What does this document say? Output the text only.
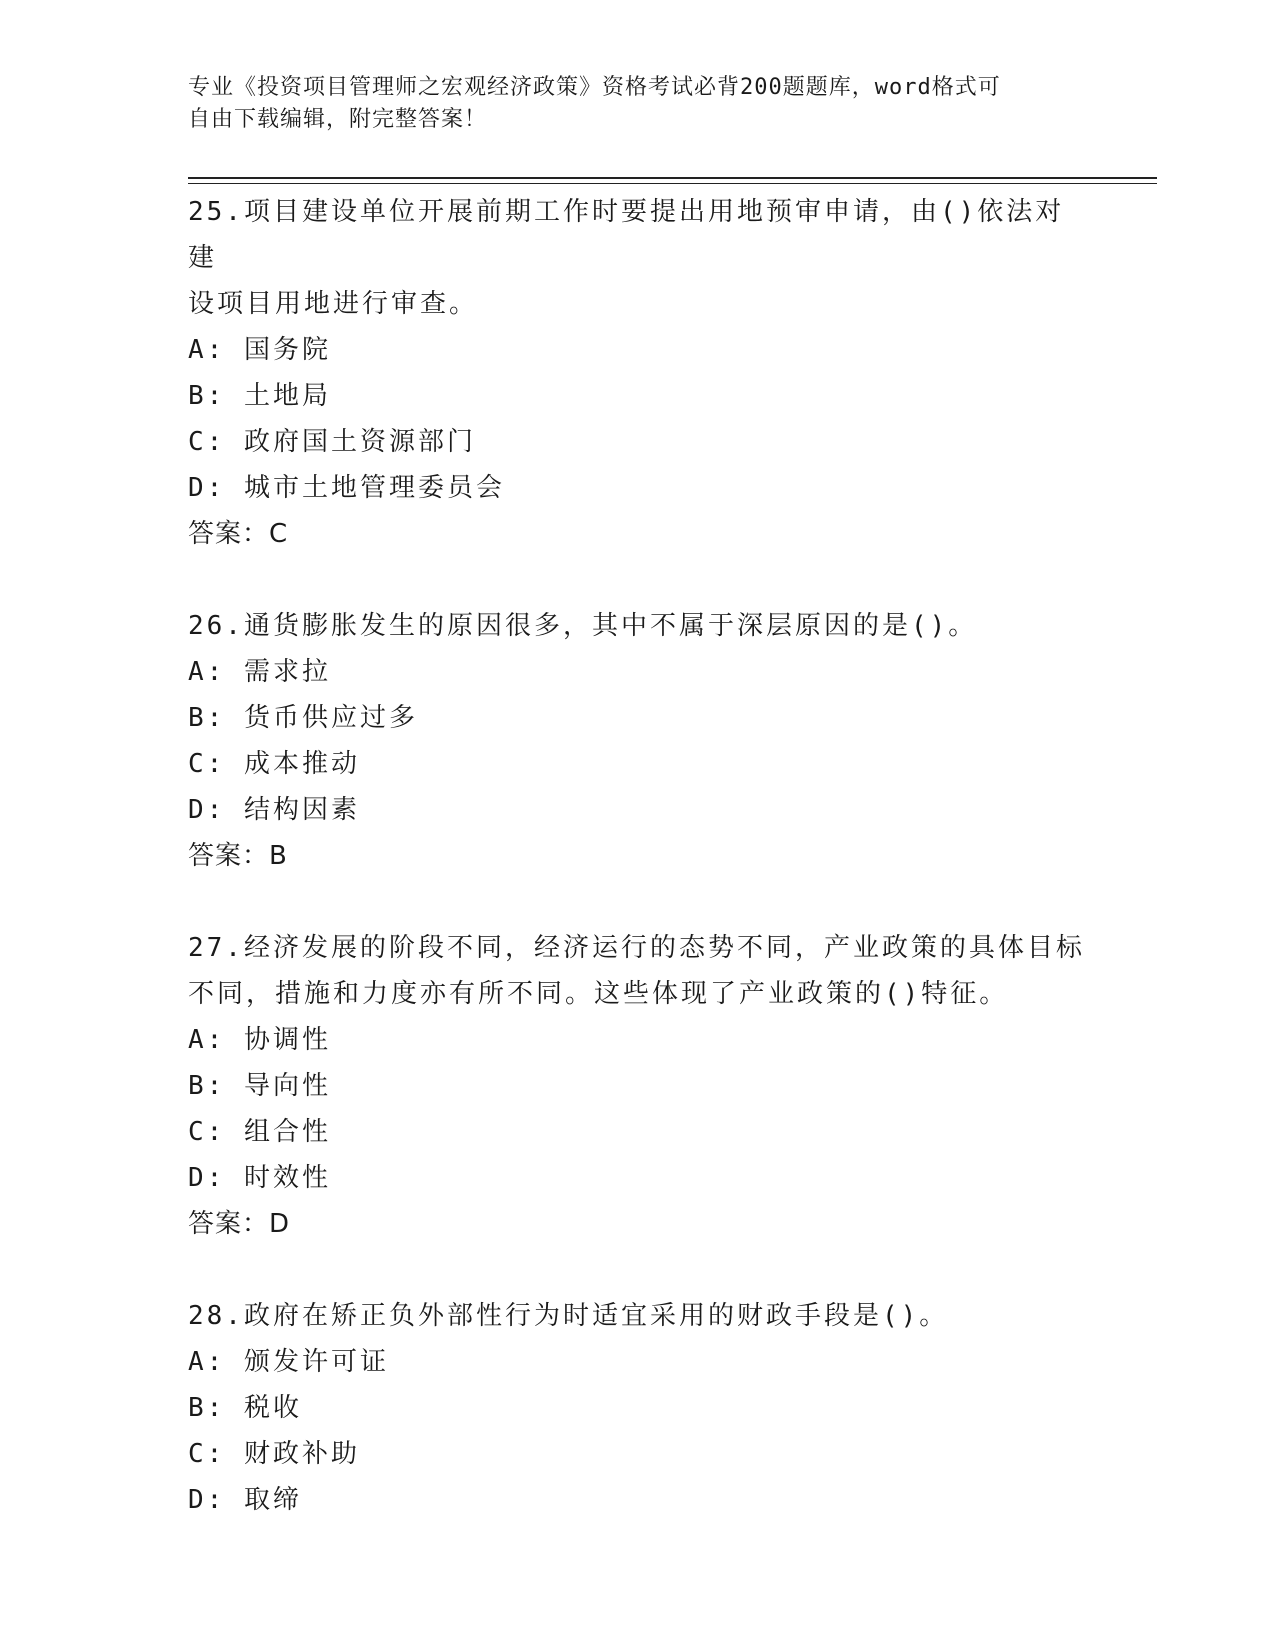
专业《投资项目管理师之宏观经济政策》资格考试必背200题题库，word格式可
自由下载编辑，附完整答案！
25.项目建设单位开展前期工作时要提出用地预审申请，由()依法对建
设项目用地进行审查。
A: 国务院
B: 土地局
C: 政府国土资源部门
D: 城市土地管理委员会
答案：C
26.通货膨胀发生的原因很多，其中不属于深层原因的是()。
A: 需求拉
B: 货币供应过多
C: 成本推动
D: 结构因素
答案：B
27.经济发展的阶段不同，经济运行的态势不同，产业政策的具体目标
不同，措施和力度亦有所不同。这些体现了产业政策的()特征。
A: 协调性
B: 导向性
C: 组合性
D: 时效性
答案：D
28.政府在矫正负外部性行为时适宜采用的财政手段是()。
A: 颁发许可证
B: 税收
C: 财政补助
D: 取缔
